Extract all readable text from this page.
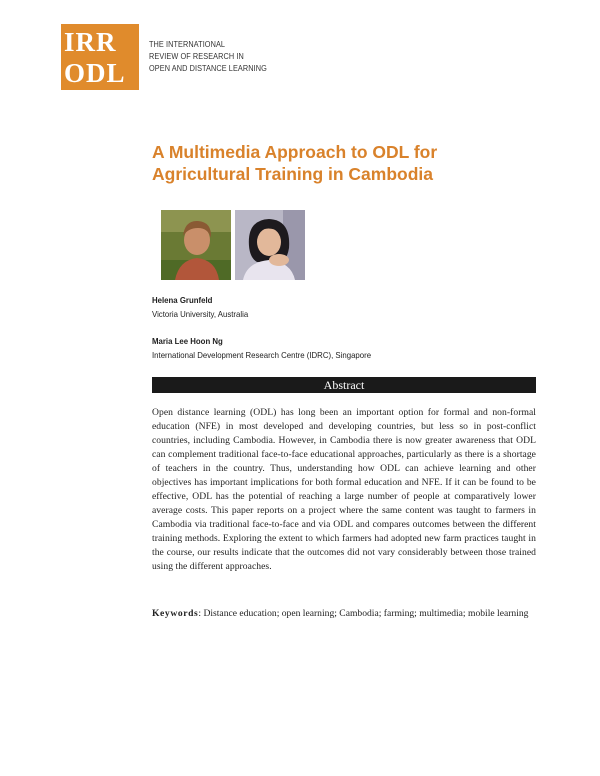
IRR
ODL
THE INTERNATIONAL
REVIEW OF RESEARCH IN
OPEN AND DISTANCE LEARNING
A Multimedia Approach to ODL for
Agricultural Training in Cambodia
Helena Grunfeld
Victoria University, Australia
Maria Lee Hoon Ng
International Development Research Centre (IDRC), Singapore
Abstract
Open distance learning (ODL) has long been an important option for formal and non-formal education (NFE) in most developed and developing countries, but less so in post-conflict countries, including Cambodia. However, in Cambodia there is now greater awareness that ODL can complement traditional face-to-face educational approaches, particularly as there is a shortage of teachers in the country. Thus, understanding how ODL can achieve learning and other objectives has important implications for both formal education and NFE. If it can be found to be effective, ODL has the potential of reaching a large number of people at comparatively lower average costs. This paper reports on a project where the same content was taught to farmers in Cambodia via traditional face-to-face and via ODL and compares outcomes between the different training methods. Exploring the extent to which farmers had adopted new farm practices taught in the course, our results indicate that the outcomes did not vary considerably between those trained using the different approaches.
Keywords: Distance education; open learning; Cambodia; farming; multimedia; mobile learning
